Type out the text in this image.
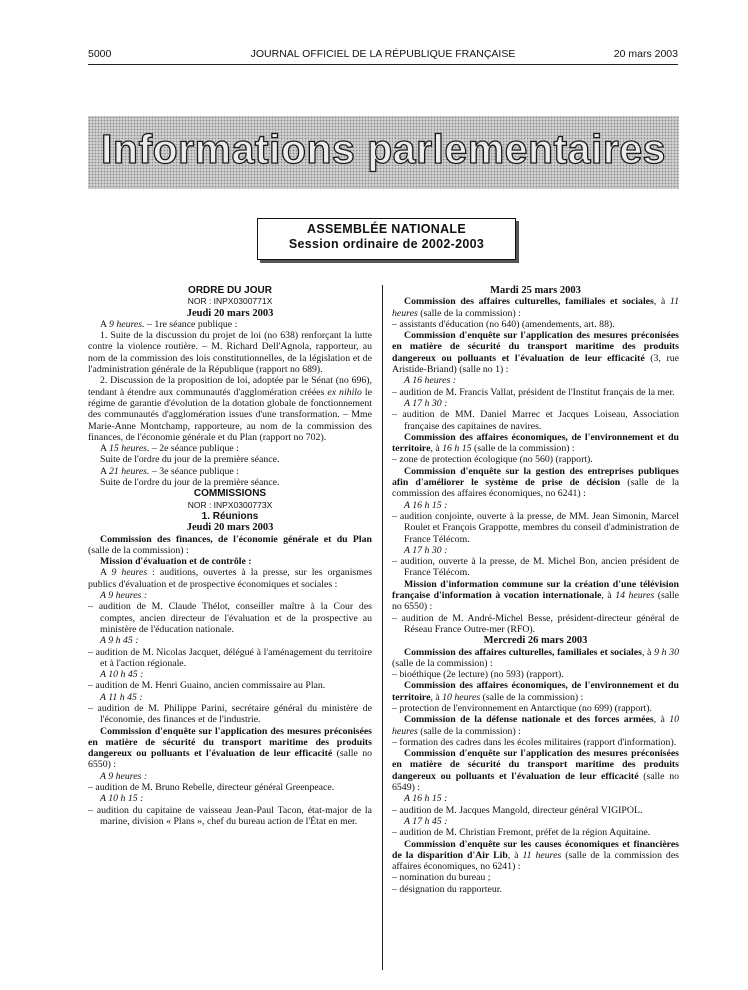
5000	JOURNAL OFFICIEL DE LA RÉPUBLIQUE FRANÇAISE	20 mars 2003
Informations parlementaires
ASSEMBLÉE NATIONALE
Session ordinaire de 2002-2003

ORDRE DU JOUR

NOR : INPX0300771X

Jeudi 20 mars 2003

A 9 heures. – 1re séance publique :

1. Suite de la discussion du projet de loi (no 638) renforçant la lutte contre la violence routière. – M. Richard Dell'Agnola, rapporteur, au nom de la commission des lois constitutionnelles, de la législation et de l'administration générale de la République (rapport no 689).

2. Discussion de la proposition de loi, adoptée par le Sénat (no 696), tendant à étendre aux communautés d'agglomération créées ex nihilo le régime de garantie d'évolution de la dotation globale de fonctionnement des communautés d'agglomération issues d'une transformation. – Mme Marie-Anne Montchamp, rapporteure, au nom de la commission des finances, de l'économie générale et du Plan (rapport no 702).

A 15 heures. – 2e séance publique :

Suite de l'ordre du jour de la première séance.

A 21 heures. – 3e séance publique :

Suite de l'ordre du jour de la première séance.

COMMISSIONS

NOR : INPX0300773X

1. Réunions

Jeudi 20 mars 2003

Commission des finances, de l'économie générale et du Plan (salle de la commission) :

Mission d'évaluation et de contrôle :

A 9 heures : auditions, ouvertes à la presse, sur les organismes publics d'évaluation et de prospective économiques et sociales :

A 9 heures :

– audition de M. Claude Thélot, conseiller maître à la Cour des comptes, ancien directeur de l'évaluation et de la prospective au ministère de l'éducation nationale.

A 9 h 45 :

– audition de M. Nicolas Jacquet, délégué à l'aménagement du territoire et à l'action régionale.

A 10 h 45 :

– audition de M. Henri Guaino, ancien commissaire au Plan.

A 11 h 45 :

– audition de M. Philippe Parini, secrétaire général du ministère de l'économie, des finances et de l'industrie.

Commission d'enquête sur l'application des mesures préconisées en matière de sécurité du transport maritime des produits dangereux ou polluants et l'évaluation de leur efficacité (salle no 6550) :

A 9 heures :

– audition de M. Bruno Rebelle, directeur général Greenpeace.

A 10 h 15 :

– audition du capitaine de vaisseau Jean-Paul Tacon, état-major de la marine, division « Plans », chef du bureau action de l'État en mer.

Mardi 25 mars 2003

Commission des affaires culturelles, familiales et sociales, à 11 heures (salle de la commission) :

– assistants d'éducation (no 640) (amendements, art. 88).

Commission d'enquête sur l'application des mesures préconisées en matière de sécurité du transport maritime des produits dangereux ou polluants et l'évaluation de leur efficacité (3, rue Aristide-Briand) (salle no 1) :

A 16 heures :

– audition de M. Francis Vallat, président de l'Institut français de la mer.

A 17 h 30 :

– audition de MM. Daniel Marrec et Jacques Loiseau, Association française des capitaines de navires.

Commission des affaires économiques, de l'environnement et du territoire, à 16 h 15 (salle de la commission) :

– zone de protection écologique (no 560) (rapport).

Commission d'enquête sur la gestion des entreprises publiques afin d'améliorer le système de prise de décision (salle de la commission des affaires économiques, no 6241) :

A 16 h 15 :

– audition conjointe, ouverte à la presse, de MM. Jean Simonin, Marcel Roulet et François Grappotte, membres du conseil d'administration de France Télécom.

A 17 h 30 :

– audition, ouverte à la presse, de M. Michel Bon, ancien président de France Télécom.

Mission d'information commune sur la création d'une télévision française d'information à vocation internationale, à 14 heures (salle no 6550) :

– audition de M. André-Michel Besse, président-directeur général de Réseau France Outre-mer (RFO).

Mercredi 26 mars 2003

Commission des affaires culturelles, familiales et sociales, à 9 h 30 (salle de la commission) :

– bioéthique (2e lecture) (no 593) (rapport).

Commission des affaires économiques, de l'environnement et du territoire, à 10 heures (salle de la commission) :

– protection de l'environnement en Antarctique (no 699) (rapport).

Commission de la défense nationale et des forces armées, à 10 heures (salle de la commission) :

– formation des cadres dans les écoles militaires (rapport d'information).

Commission d'enquête sur l'application des mesures préconisées en matière de sécurité du transport maritime des produits dangereux ou polluants et l'évaluation de leur efficacité (salle no 6549) :

A 16 h 15 :

– audition de M. Jacques Mangold, directeur général VIGIPOL.

A 17 h 45 :

– audition de M. Christian Fremont, préfet de la région Aquitaine.

Commission d'enquête sur les causes économiques et financières de la disparition d'Air Lib, à 11 heures (salle de la commission des affaires économiques, no 6241) :

– nomination du bureau ;

– désignation du rapporteur.
